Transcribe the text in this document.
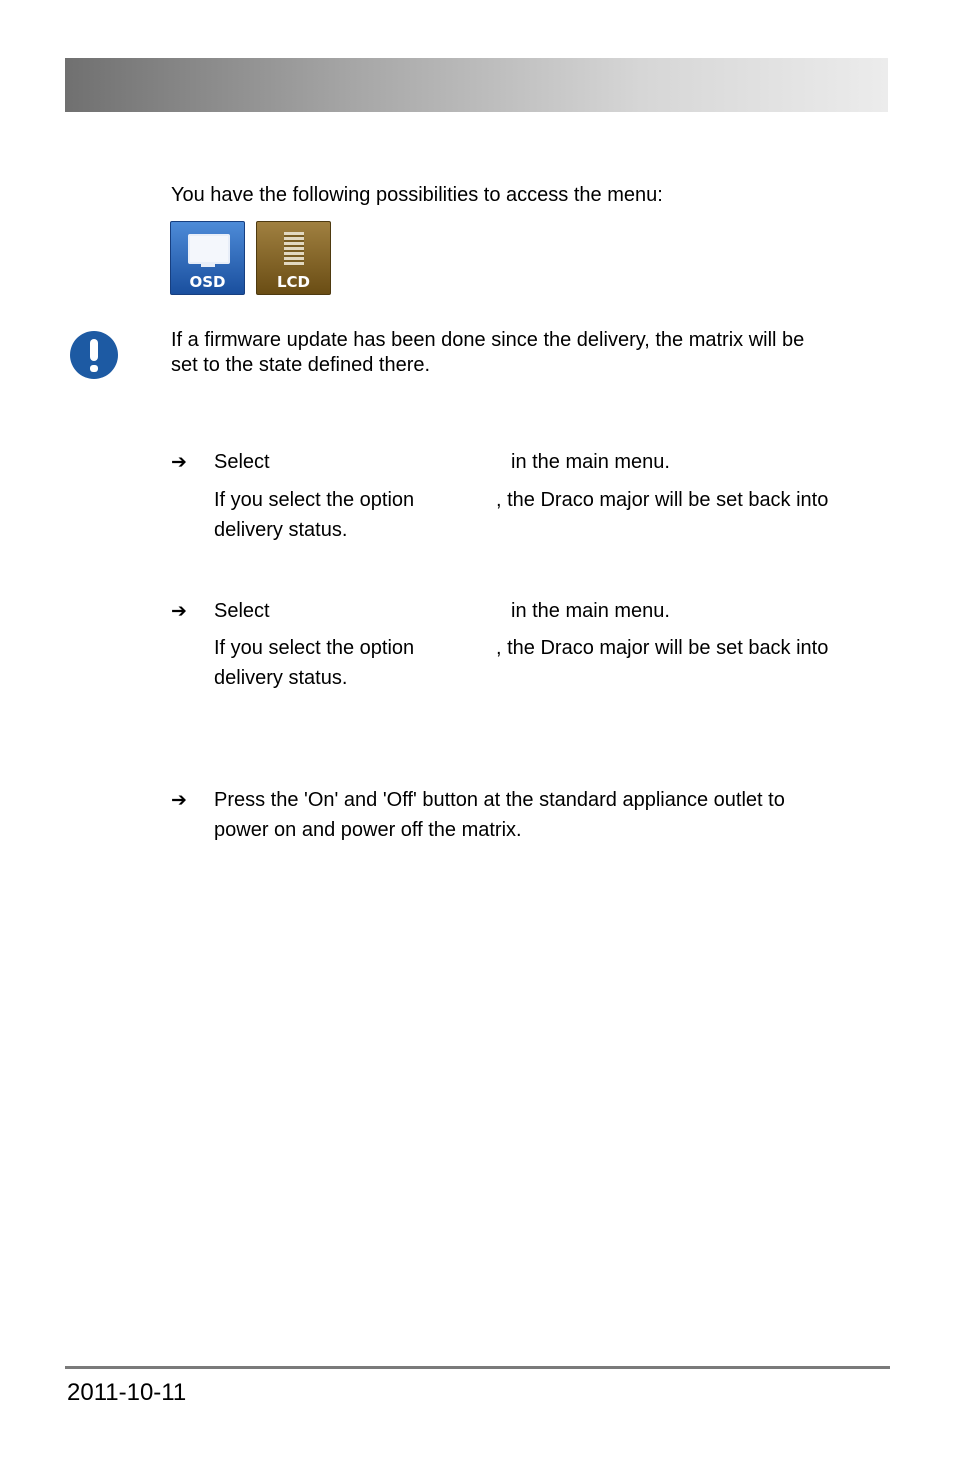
You have the following possibilities to access the menu:
OSD	LCD
If a firmware update has been done since the delivery, the matrix will be
set to the state defined there.
➔ Select	in the main menu.
If you select the option	, the Draco major will be set back into
delivery status.
➔ Select	in the main menu.
If you select the option	, the Draco major will be set back into
delivery status.
➔ Press the 'On' and 'Off' button at the standard appliance outlet to
power on and power off the matrix.
2011-10-11
